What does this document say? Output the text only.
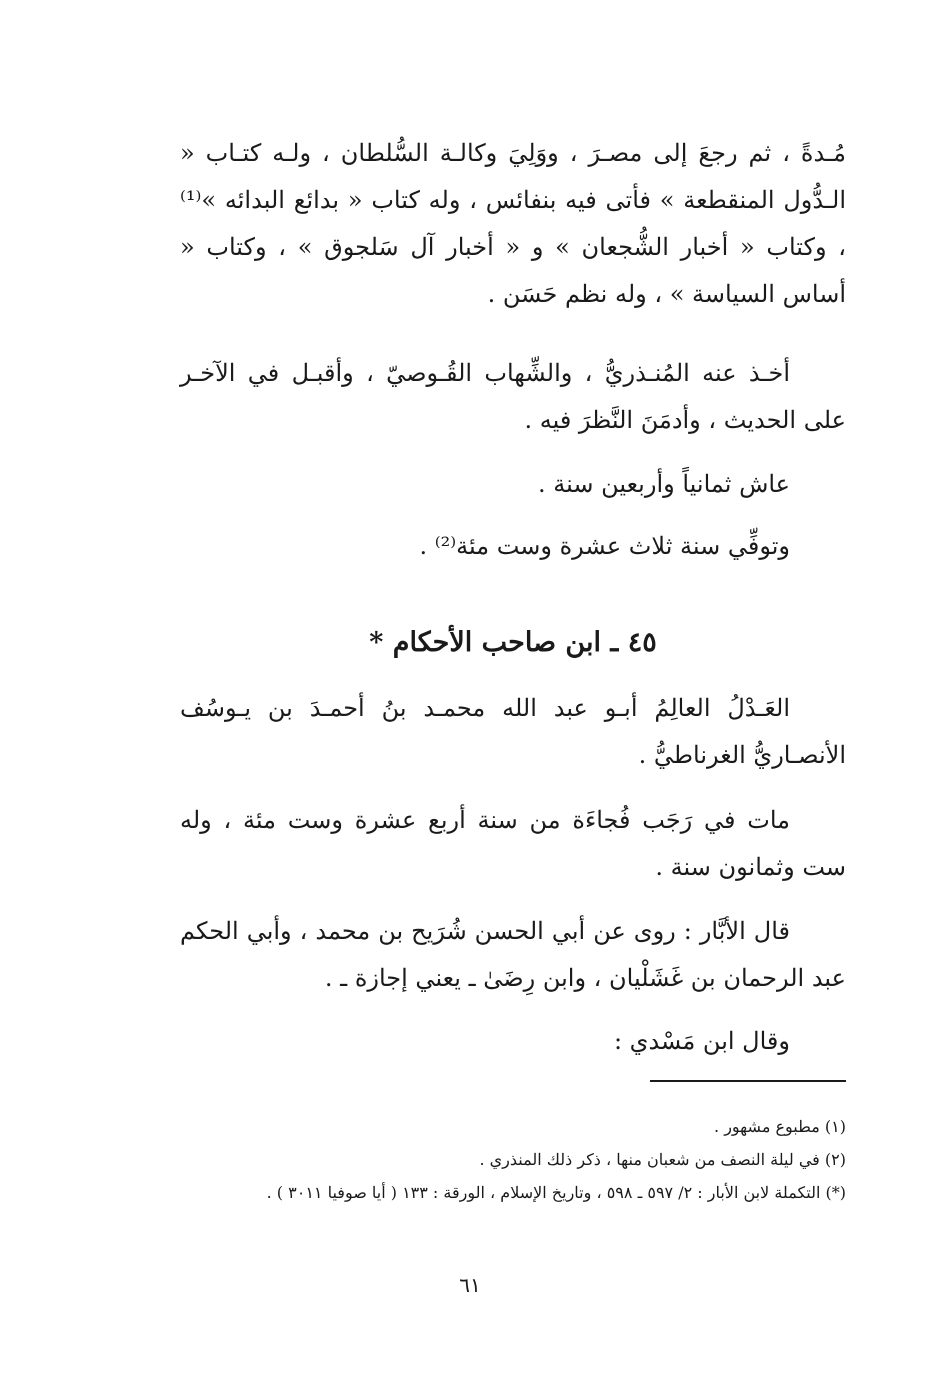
مُـدةً ، ثم رجعَ إلى مصـرَ ، ووَلِيَ وكالـة السُّلطان ، ولـه كتـاب « الـدُّول المنقطعة » فأتى فيه بنفائس ، وله كتاب « بدائع البدائه »⁽¹⁾ ، وكتاب « أخبار الشُّجعان » و « أخبار آل سَلجوق » ، وكتاب « أساس السياسة » ، وله نظم حَسَن .

أخـذ عنه المُنـذريُّ ، والشِّهاب القُـوصيّ ، وأقبـل في الآخـر على الحديث ، وأدمَنَ النَّظرَ فيه .

عاش ثمانياً وأربعين سنة .

وتوفِّي سنة ثلاث عشرة وست مئة⁽²⁾ .

٤٥ ـ ابن صاحب الأحكام *

العَـدْلُ العالِمُ أبـو عبد الله محمـد بنُ أحمـدَ بن يـوسُف الأنصـاريُّ الغرناطيُّ .

مات في رَجَب فُجاءَة من سنة أربع عشرة وست مئة ، وله ست وثمانون سنة .

قال الأبَّار : روى عن أبي الحسن شُرَيح بن محمد ، وأبي الحكم عبد الرحمان بن غَشَلْيان ، وابن رِضَىٰ ـ يعني إجازة ـ .

وقال ابن مَسْدي :

(١) مطبوع مشهور .

(٢) في ليلة النصف من شعبان منها ، ذكر ذلك المنذري .

(*) التكملة لابن الأبار : ٢/ ٥٩٧ ـ ٥٩٨ ، وتاريخ الإسلام ، الورقة : ١٣٣ ( أيا صوفيا ٣٠١١ ) .

٦١
